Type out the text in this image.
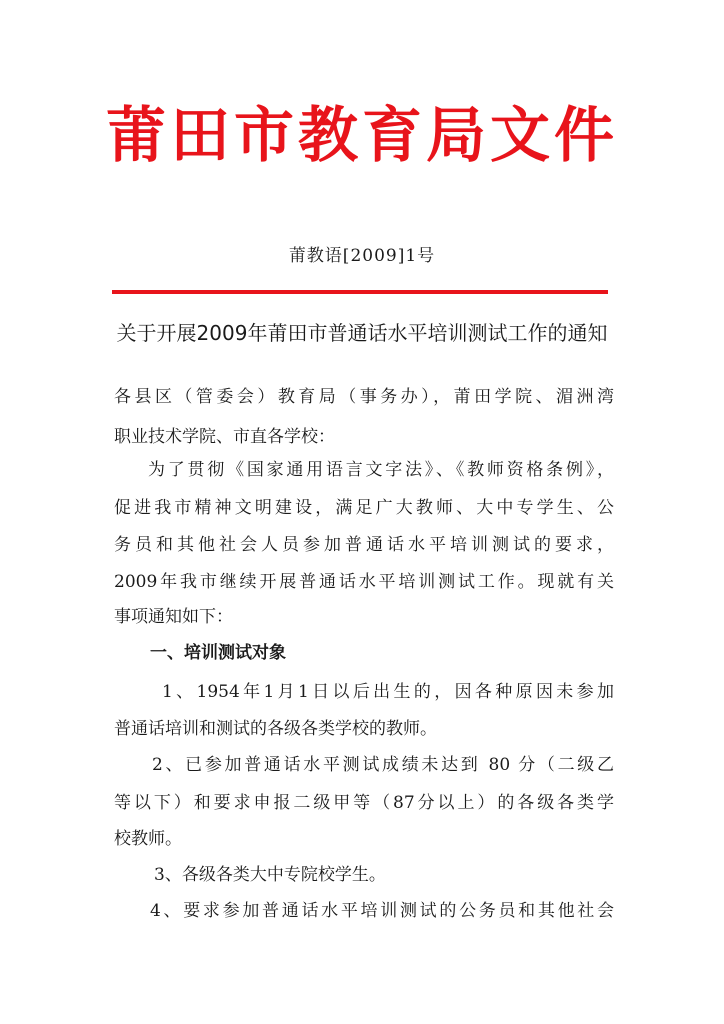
莆田市教育局文件
莆教语[2009]1号
关于开展2009年莆田市普通话水平培训测试工作的通知
各县区（管委会）教育局（事务办），莆田学院、湄洲湾
职业技术学院、市直各学校：
为了贯彻《国家通用语言文字法》、《教师资格条例》，
促进我市精神文明建设，满足广大教师、大中专学生、公
务员和其他社会人员参加普通话水平培训测试的要求，
2009年我市继续开展普通话水平培训测试工作。现就有关
事项通知如下：
一、培训测试对象
1、1954年1月1日以后出生的，因各种原因未参加
普通话培训和测试的各级各类学校的教师。
2、已参加普通话水平测试成绩未达到 80 分（二级乙
等以下）和要求申报二级甲等（87分以上）的各级各类学
校教师。
3、各级各类大中专院校学生。
4、要求参加普通话水平培训测试的公务员和其他社会
